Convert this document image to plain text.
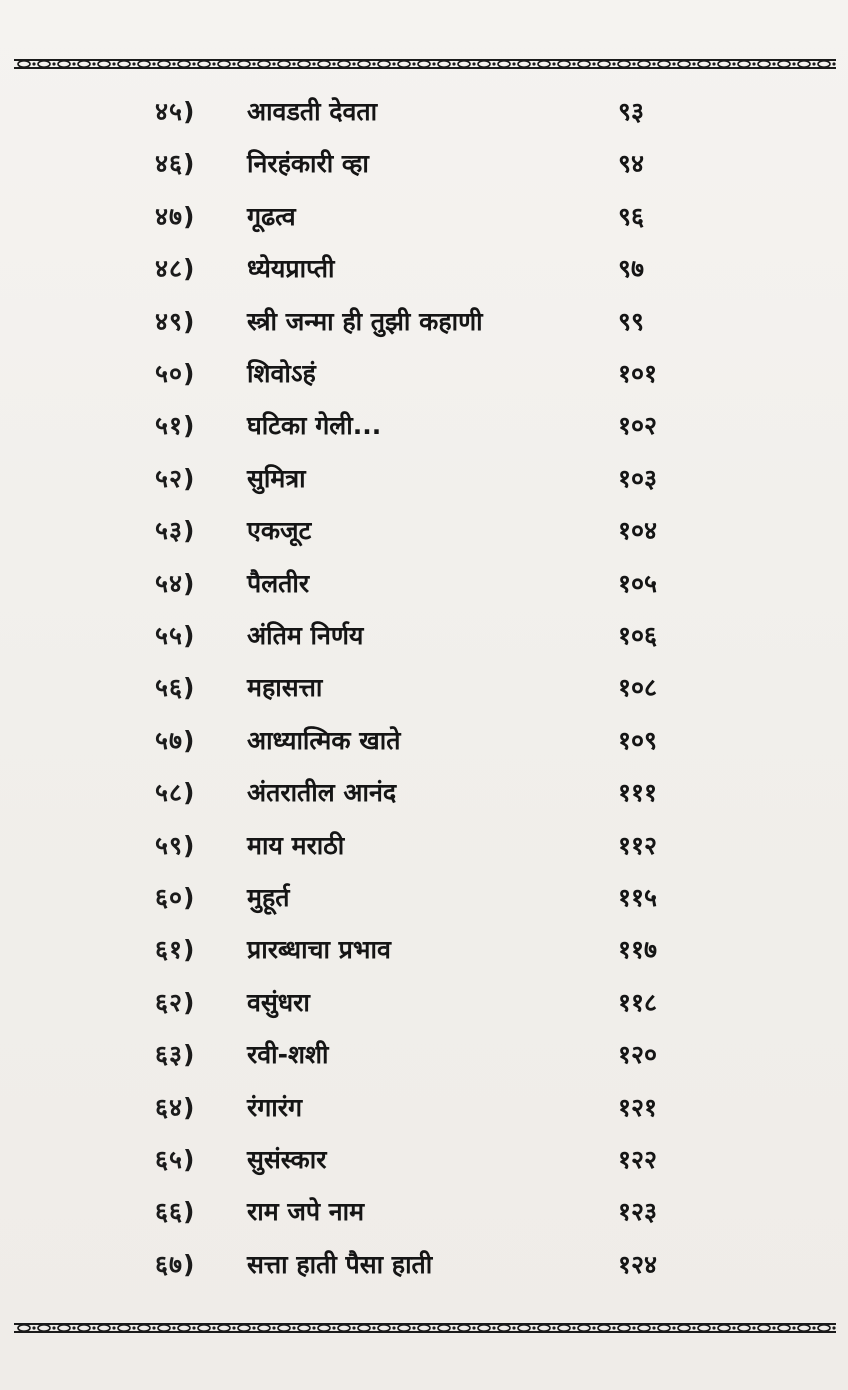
४५) आवडती देवता	९३
४६) निरहंकारी व्हा	९४
४७) गूढत्व	९६
४८) ध्येयप्राप्ती	९७
४९) स्त्री जन्मा ही तुझी कहाणी	९९
५०) शिवोऽहं	१०१
५१) घटिका गेली...	१०२
५२) सुमित्रा	१०३
५३) एकजूट	१०४
५४) पैलतीर	१०५
५५) अंतिम निर्णय	१०६
५६) महासत्ता	१०८
५७) आध्यात्मिक खाते	१०९
५८) अंतरातील आनंद	१११
५९) माय मराठी	११२
६०) मुहूर्त	११५
६१) प्रारब्धाचा प्रभाव	११७
६२) वसुंधरा	११८
६३) रवी-शशी	१२०
६४) रंगारंग	१२१
६५) सुसंस्कार	१२२
६६) राम जपे नाम	१२३
६७) सत्ता हाती पैसा हाती	१२४
